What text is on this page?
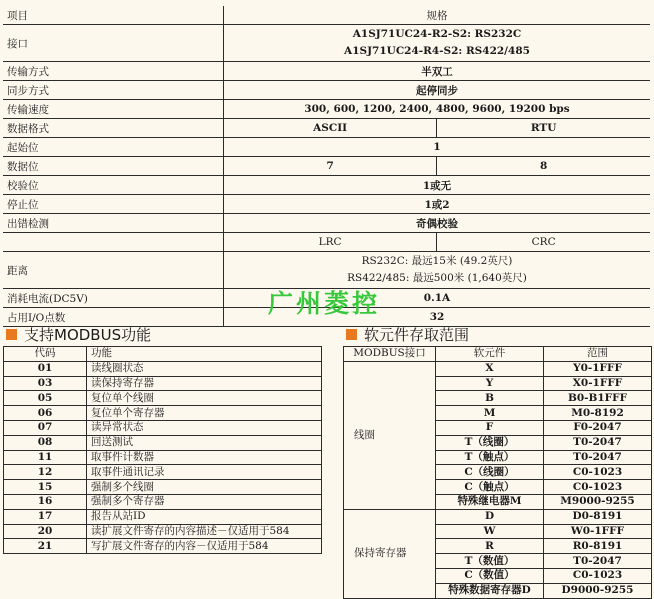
项目	规格	
接口	A1SJ71UC24-R2-S2: RS232C
A1SJ71UC24-R4-S2: RS422/485	

传输方式	半双工	
同步方式	起停同步	
传输速度	300, 600, 1200, 2400, 4800, 9600, 19200 bps	
数据格式	ASCII	RTU
起始位	1	
数据位	7	8
校验位	1或无	
停止位	1或2	
出错检测	奇偶校验	
	LRC	CRC
距离	RS232C: 最远15米 (49.2英尺)
RS422/485: 最远500米 (1,640英尺)	

消耗电流(DC5V)	0.1A	
占用I/O点数	32	
广州菱控
支持MODBUS功能
代码	功能
01	读线圈状态
03	读保持寄存器
05	复位单个线圈
06	复位单个寄存器
07	读异常状态
08	回送测试
11	取事件计数器
12	取事件通讯记录
15	强制多个线圈
16	强制多个寄存器
17	报告从站ID
20	读扩展文件寄存的内容描述－仅适用于584
21	写扩展文件寄存的内容－仅适用于584
软元件存取范围
MODBUS接口	软元件	范围
线圈	X	Y0-1FFF
	Y	X0-1FFF
	B	B0-B1FFF
	M	M0-8192
	F	F0-2047
	T（线圈）	T0-2047
	T（触点）	T0-2047
	C（线圈）	C0-1023
	C（触点）	C0-1023
	特殊继电器M	M9000-9255
保持寄存器	D	D0-8191
	W	W0-1FFF
	R	R0-8191
	T（数值）	T0-2047
	C（数值）	C0-1023
	特殊数据寄存器D	D9000-9255
